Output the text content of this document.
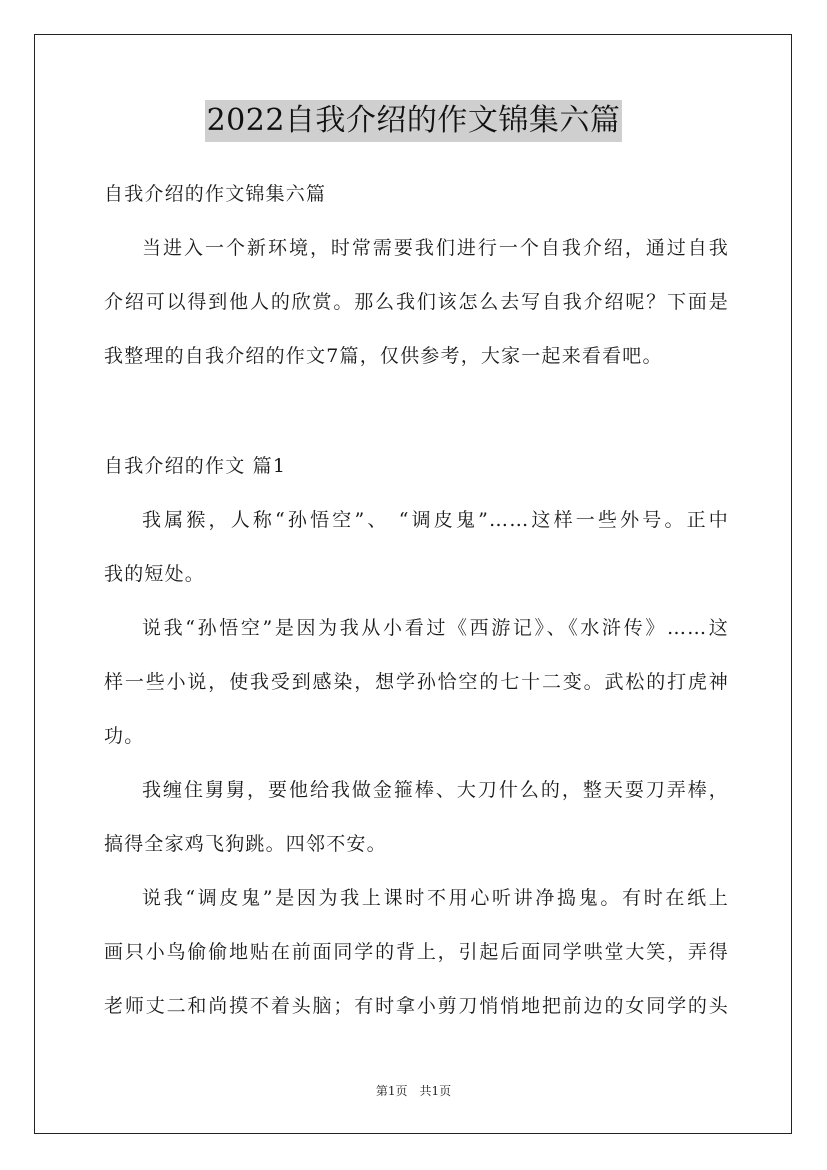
2022自我介绍的作文锦集六篇
自我介绍的作文锦集六篇
当进入一个新环境，时常需要我们进行一个自我介绍，通过自我
介绍可以得到他人的欣赏。那么我们该怎么去写自我介绍呢？下面是
我整理的自我介绍的作文7篇，仅供参考，大家一起来看看吧。
自我介绍的作文 篇1
我属猴，人称“孙悟空”、 “调皮鬼”……这样一些外号。正中
我的短处。
说我“孙悟空”是因为我从小看过《西游记》、《水浒传》……这
样一些小说，使我受到感染，想学孙恰空的七十二变。武松的打虎神
功。
我缠住舅舅，要他给我做金箍棒、大刀什么的，整天耍刀弄棒，
搞得全家鸡飞狗跳。四邻不安。
说我“调皮鬼”是因为我上课时不用心听讲净捣鬼。有时在纸上
画只小鸟偷偷地贴在前面同学的背上，引起后面同学哄堂大笑，弄得
老师丈二和尚摸不着头脑；有时拿小剪刀悄悄地把前边的女同学的头
第1页　共1页
